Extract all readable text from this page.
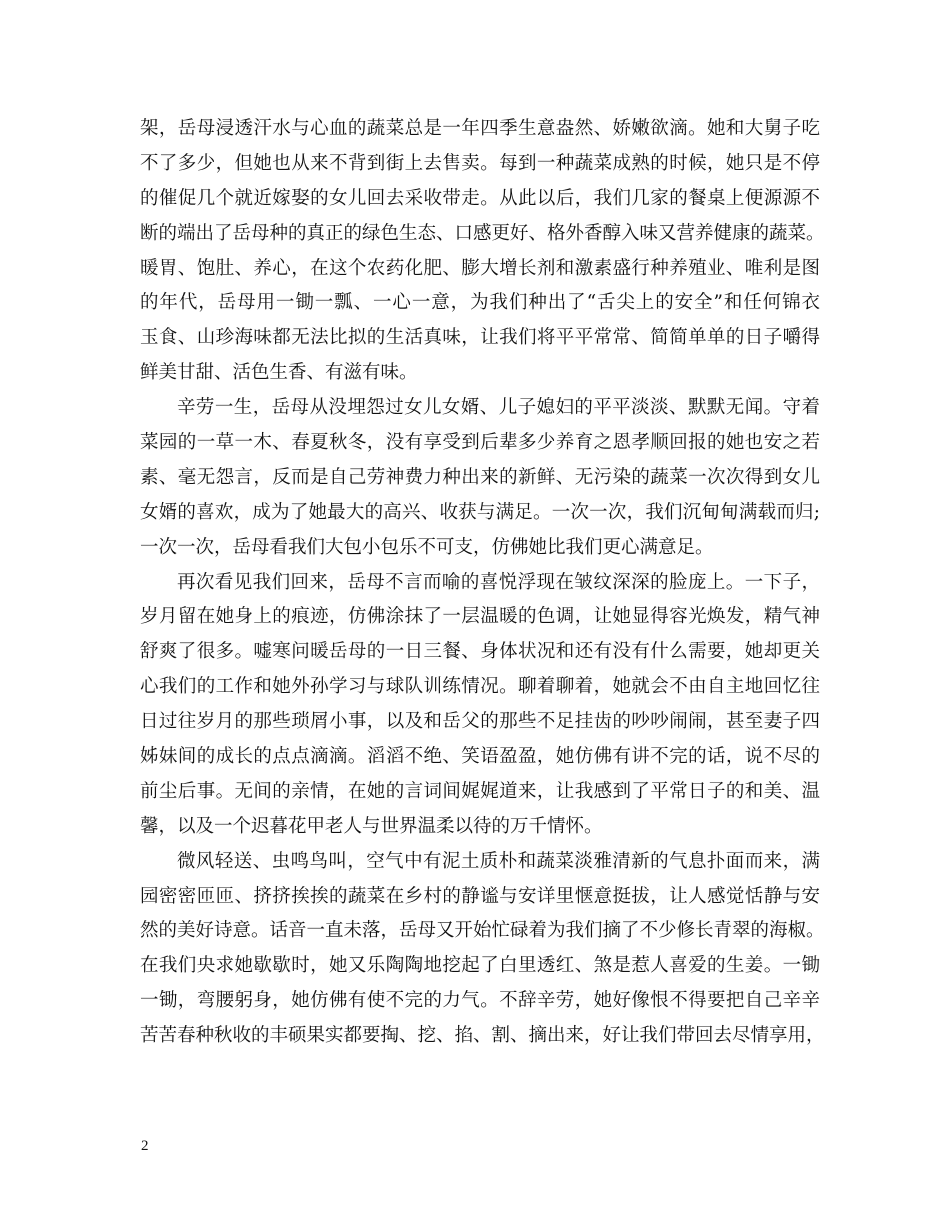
架，岳母浸透汗水与心血的蔬菜总是一年四季生意盎然、娇嫩欲滴。她和大舅子吃
不了多少，但她也从来不背到街上去售卖。每到一种蔬菜成熟的时候，她只是不停
的催促几个就近嫁娶的女儿回去采收带走。从此以后，我们几家的餐桌上便源源不
断的端出了岳母种的真正的绿色生态、口感更好、格外香醇入味又营养健康的蔬菜。
暖胃、饱肚、养心，在这个农药化肥、膨大增长剂和激素盛行种养殖业、唯利是图
的年代，岳母用一锄一瓢、一心一意，为我们种出了“舌尖上的安全”和任何锦衣
玉食、山珍海味都无法比拟的生活真味，让我们将平平常常、简简单单的日子嚼得
鲜美甘甜、活色生香、有滋有味。
辛劳一生，岳母从没埋怨过女儿女婿、儿子媳妇的平平淡淡、默默无闻。守着
菜园的一草一木、春夏秋冬，没有享受到后辈多少养育之恩孝顺回报的她也安之若
素、毫无怨言，反而是自己劳神费力种出来的新鲜、无污染的蔬菜一次次得到女儿
女婿的喜欢，成为了她最大的高兴、收获与满足。一次一次，我们沉甸甸满载而归;
一次一次，岳母看我们大包小包乐不可支，仿佛她比我们更心满意足。
再次看见我们回来，岳母不言而喻的喜悦浮现在皱纹深深的脸庞上。一下子，
岁月留在她身上的痕迹，仿佛涂抹了一层温暖的色调，让她显得容光焕发，精气神
舒爽了很多。嘘寒问暖岳母的一日三餐、身体状况和还有没有什么需要，她却更关
心我们的工作和她外孙学习与球队训练情况。聊着聊着，她就会不由自主地回忆往
日过往岁月的那些琐屑小事，以及和岳父的那些不足挂齿的吵吵闹闹，甚至妻子四
姊妹间的成长的点点滴滴。滔滔不绝、笑语盈盈，她仿佛有讲不完的话，说不尽的
前尘后事。无间的亲情，在她的言词间娓娓道来，让我感到了平常日子的和美、温
馨，以及一个迟暮花甲老人与世界温柔以待的万千情怀。
微风轻送、虫鸣鸟叫，空气中有泥土质朴和蔬菜淡雅清新的气息扑面而来，满
园密密匝匝、挤挤挨挨的蔬菜在乡村的静谧与安详里惬意挺拔，让人感觉恬静与安
然的美好诗意。话音一直未落，岳母又开始忙碌着为我们摘了不少修长青翠的海椒。
在我们央求她歇歇时，她又乐陶陶地挖起了白里透红、煞是惹人喜爱的生姜。一锄
一锄，弯腰躬身，她仿佛有使不完的力气。不辞辛劳，她好像恨不得要把自己辛辛
苦苦春种秋收的丰硕果实都要掏、挖、掐、割、摘出来，好让我们带回去尽情享用，
2
